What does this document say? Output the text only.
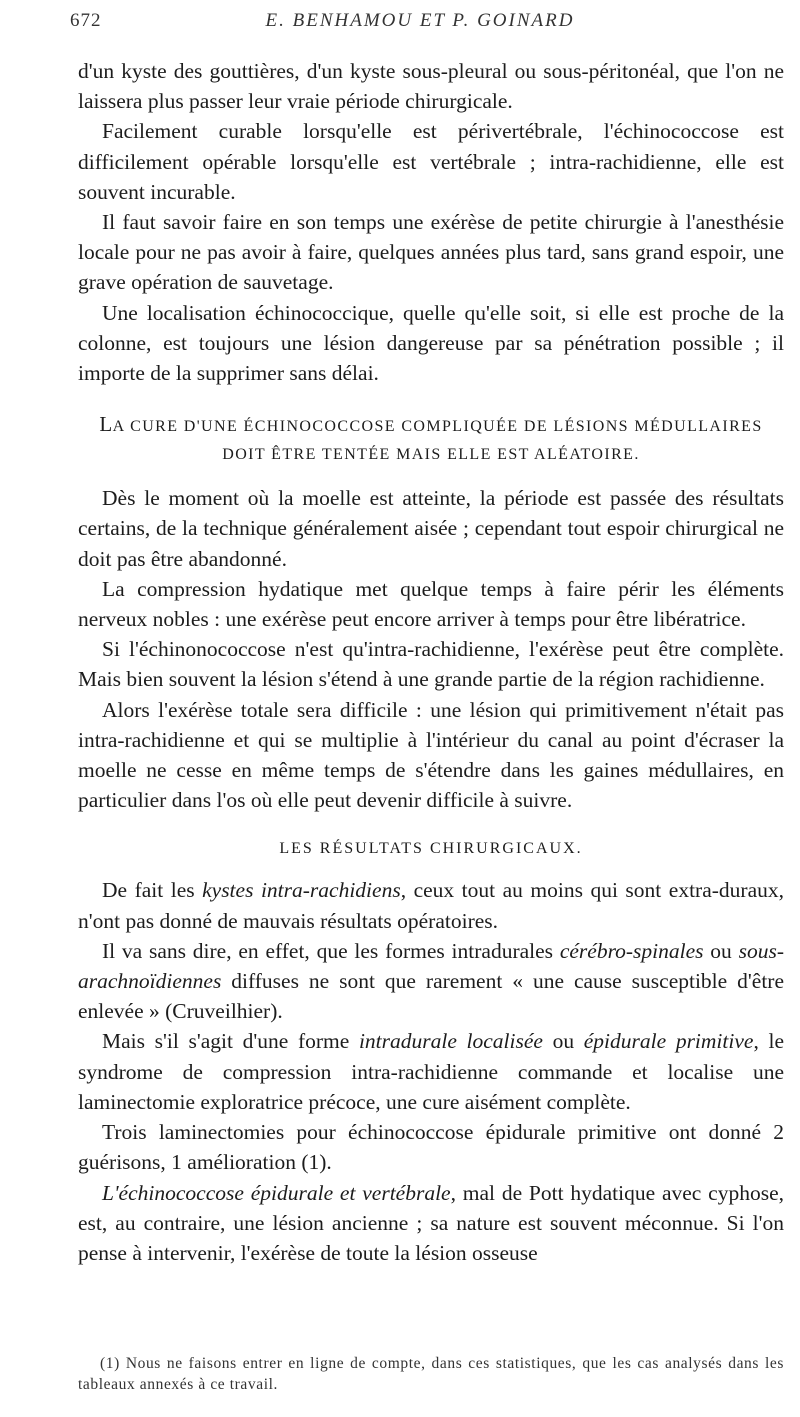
672	E. BENHAMOU ET P. GOINARD

d'un kyste des gouttières, d'un kyste sous-pleural ou sous-péritonéal, que l'on ne laissera plus passer leur vraie période chirurgicale.

Facilement curable lorsqu'elle est périvertébrale, l'échinococcose est difficilement opérable lorsqu'elle est vertébrale ; intra-rachidienne, elle est souvent incurable.

Il faut savoir faire en son temps une exérèse de petite chirurgie à l'anesthésie locale pour ne pas avoir à faire, quelques années plus tard, sans grand espoir, une grave opération de sauvetage.

Une localisation échinococcique, quelle qu'elle soit, si elle est proche de la colonne, est toujours une lésion dangereuse par sa pénétration possible ; il importe de la supprimer sans délai.

LA CURE D'UNE ÉCHINOCOCCOSE COMPLIQUÉE DE LÉSIONS MÉDULLAIRES
DOIT ÊTRE TENTÉE MAIS ELLE EST ALÉATOIRE.

Dès le moment où la moelle est atteinte, la période est passée des résultats certains, de la technique généralement aisée ; cependant tout espoir chirurgical ne doit pas être abandonné.

La compression hydatique met quelque temps à faire périr les éléments nerveux nobles : une exérèse peut encore arriver à temps pour être libératrice.

Si l'échinonococcose n'est qu'intra-rachidienne, l'exérèse peut être complète. Mais bien souvent la lésion s'étend à une grande partie de la région rachidienne.

Alors l'exérèse totale sera difficile : une lésion qui primitivement n'était pas intra-rachidienne et qui se multiplie à l'intérieur du canal au point d'écraser la moelle ne cesse en même temps de s'étendre dans les gaines médullaires, en particulier dans l'os où elle peut devenir difficile à suivre.

LES RÉSULTATS CHIRURGICAUX.

De fait les kystes intra-rachidiens, ceux tout au moins qui sont extra-duraux, n'ont pas donné de mauvais résultats opératoires.

Il va sans dire, en effet, que les formes intradurales cérébro-spinales ou sous-arachnoïdiennes diffuses ne sont que rarement « une cause susceptible d'être enlevée » (Cruveilhier).

Mais s'il s'agit d'une forme intradurale localisée ou épidurale primitive, le syndrome de compression intra-rachidienne commande et localise une laminectomie exploratrice précoce, une cure aisément complète.

Trois laminectomies pour échinococcose épidurale primitive ont donné 2 guérisons, 1 amélioration (1).

L'échinococcose épidurale et vertébrale, mal de Pott hydatique avec cyphose, est, au contraire, une lésion ancienne ; sa nature est souvent méconnue. Si l'on pense à intervenir, l'exérèse de toute la lésion osseuse

(1) Nous ne faisons entrer en ligne de compte, dans ces statistiques, que les cas analysés dans les tableaux annexés à ce travail.
